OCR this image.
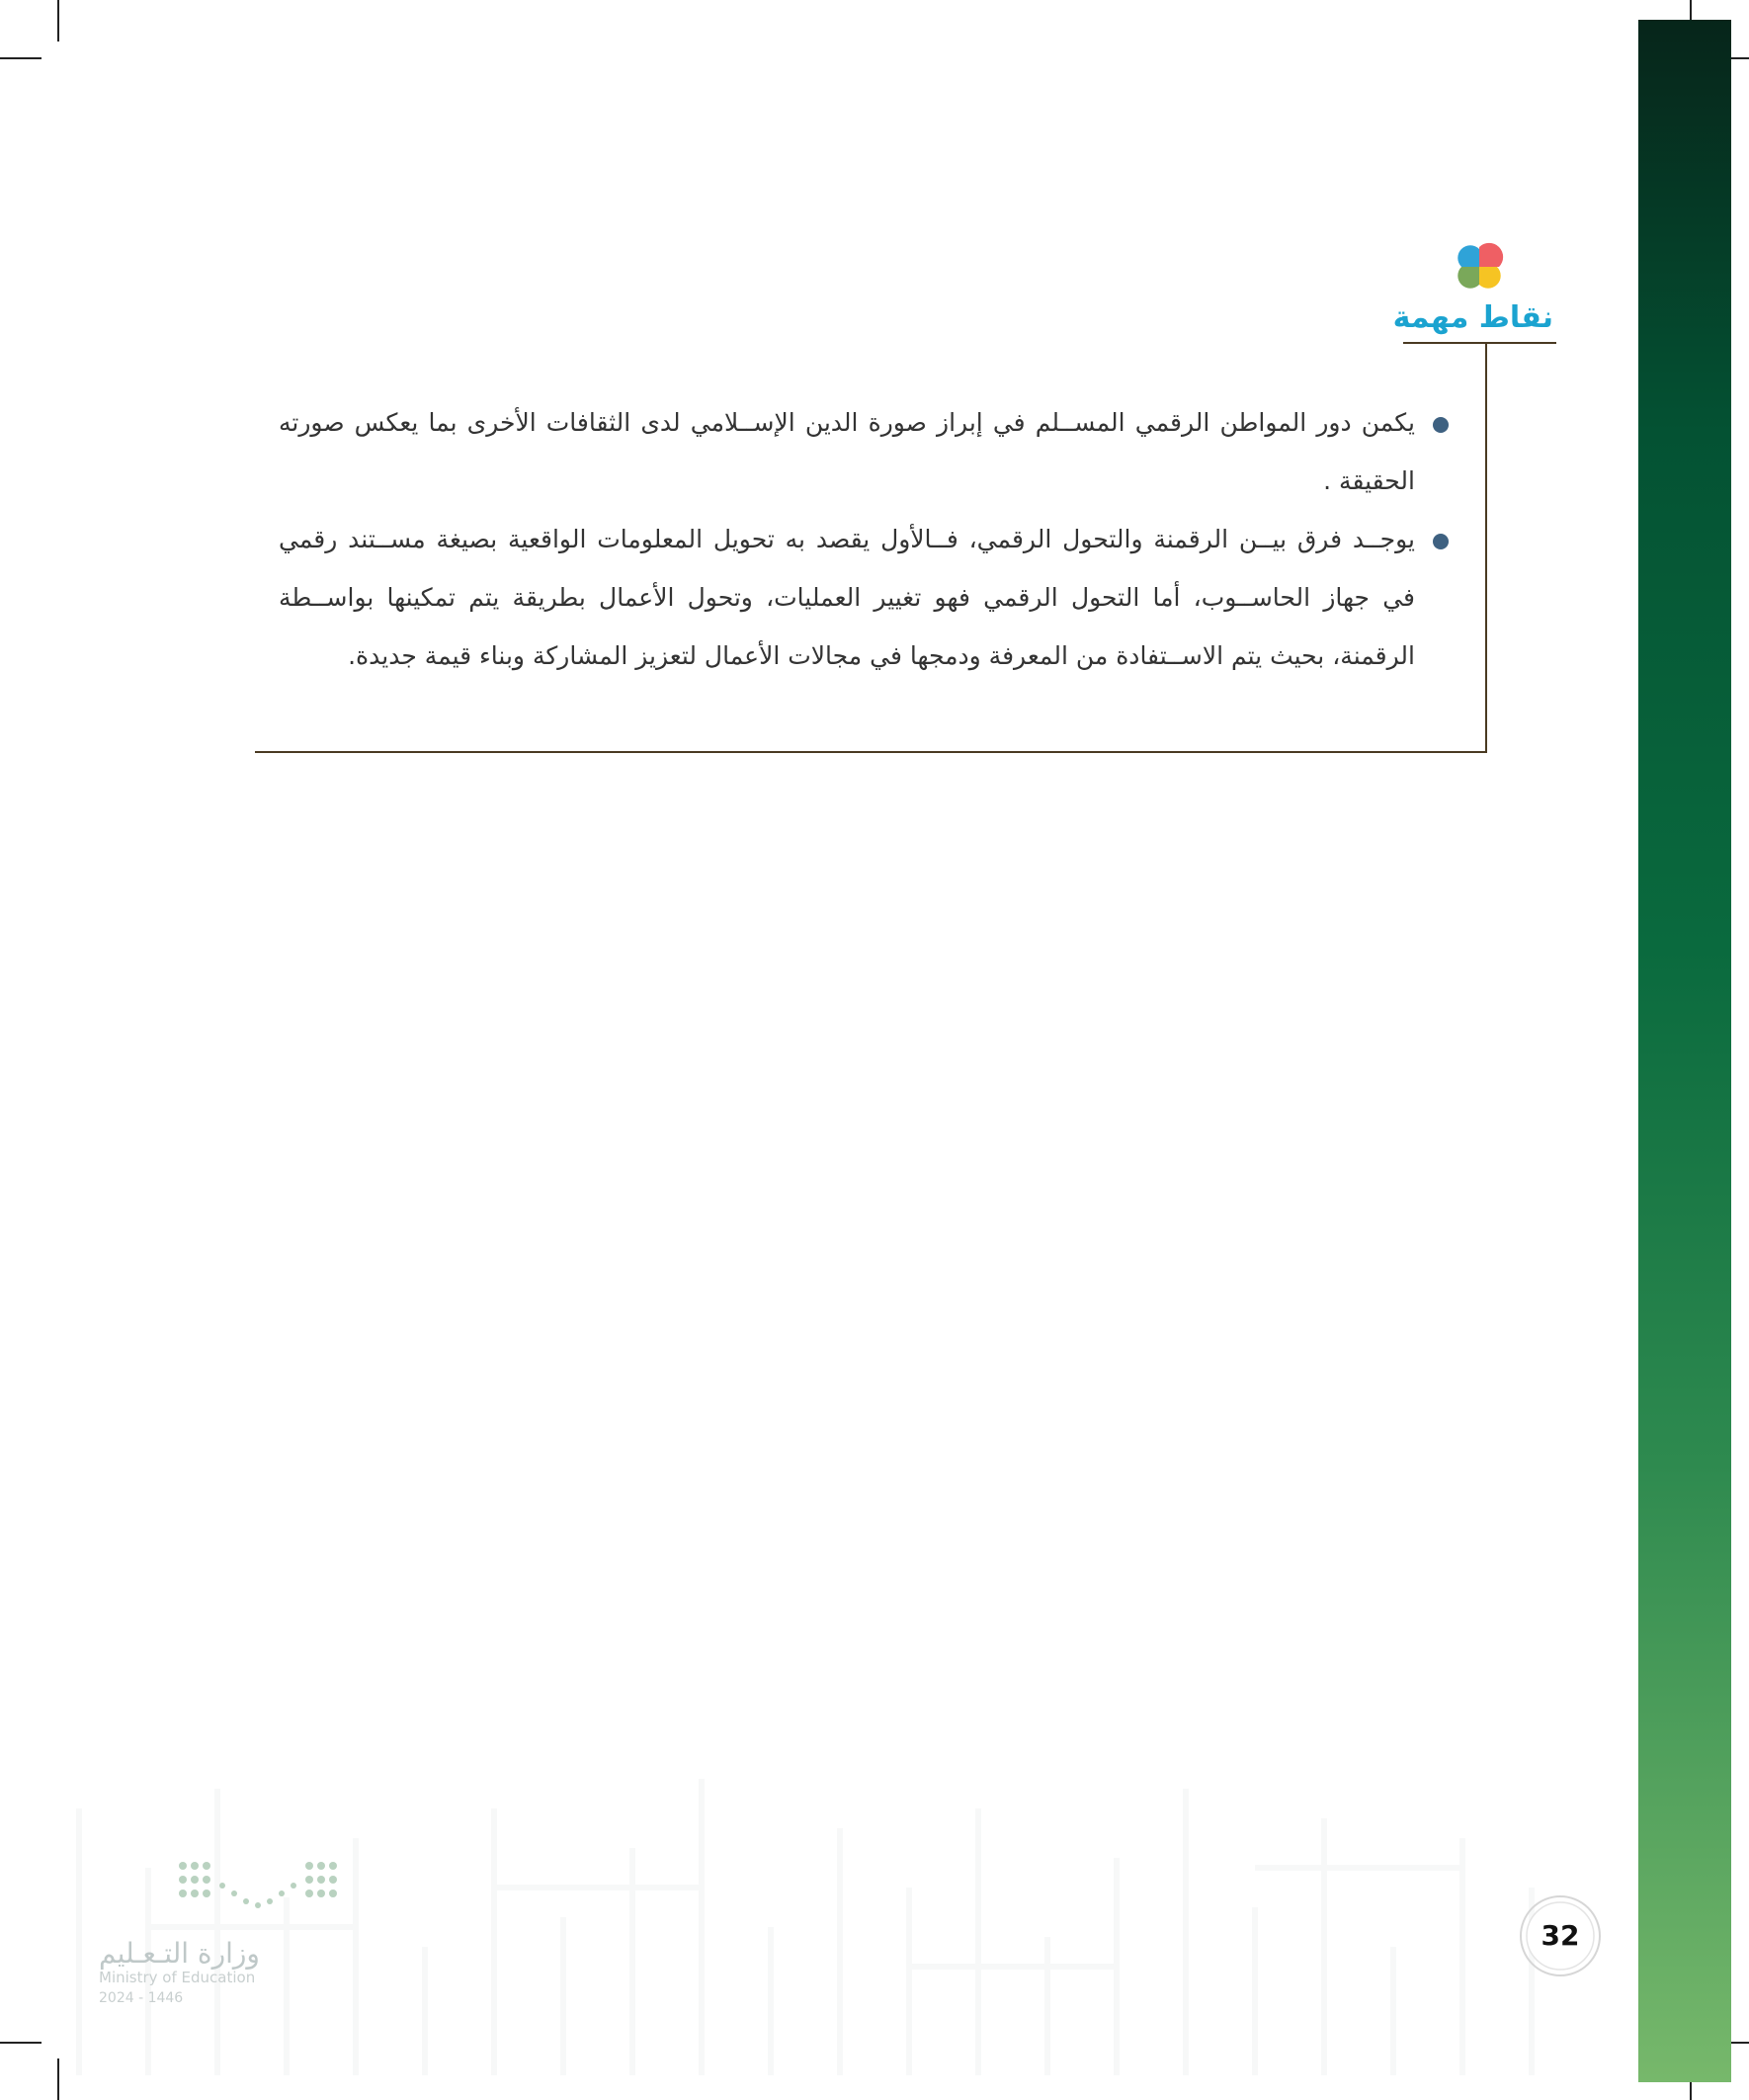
نقاط مهمة
يكمن دور المواطن الرقمي المســلم في إبراز صورة الدين الإســلامي لدى الثقافات الأخرى بما يعكس صورته الحقيقة .
يوجــد فرق بيــن الرقمنة والتحول الرقمي، فــالأول يقصد به تحويل المعلومات الواقعية بصيغة مســتند رقمي في جهاز الحاســوب، أما التحول الرقمي فهو تغيير العمليات، وتحول الأعمال بطريقة يتم تمكينها بواســطة الرقمنة، بحيث يتم الاســتفادة من المعرفة ودمجها في مجالات الأعمال لتعزيز المشاركة وبناء قيمة جديدة.
وزارة التـعـليم
Ministry of Education
2024 - 1446
32
